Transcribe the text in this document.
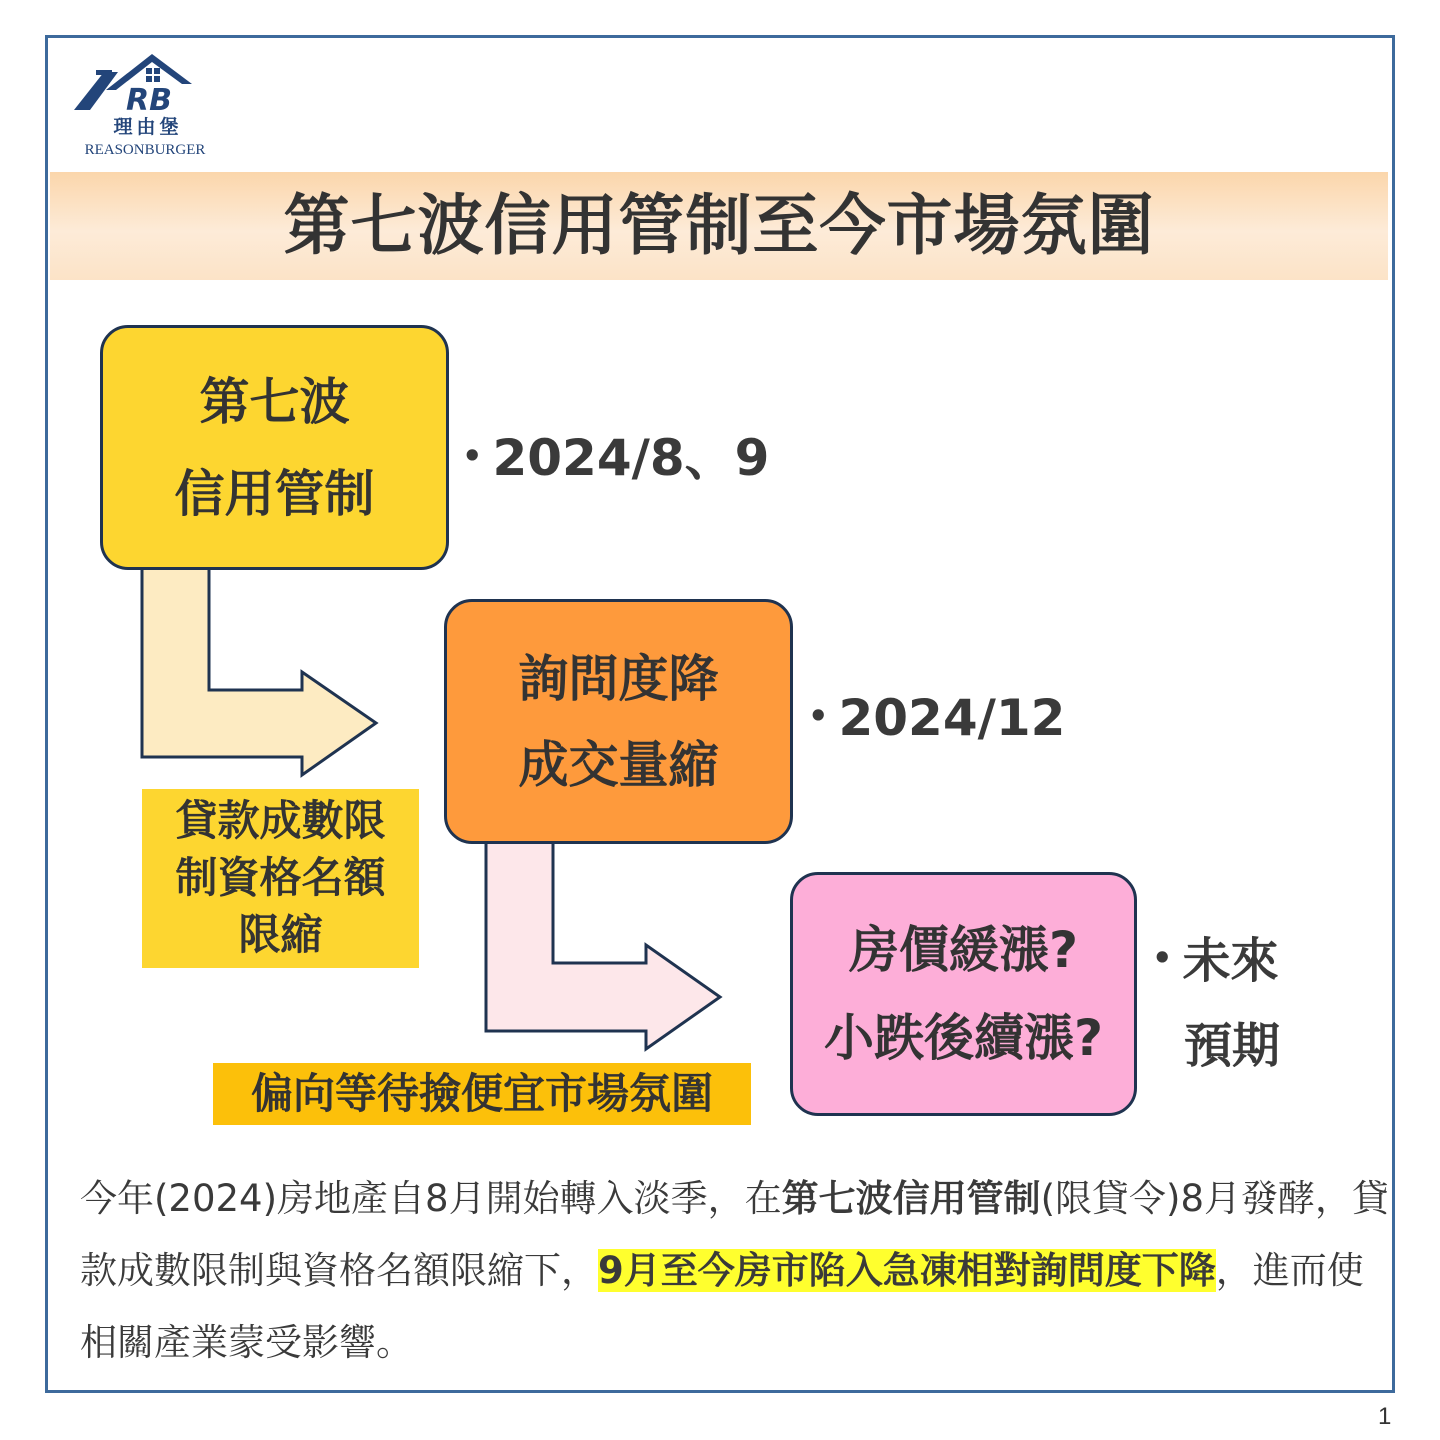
RB
理由堡
REASONBURGER
第七波信用管制至今市場氛圍
第七波
信用管制
• 2024/8、9
貸款成數限
制資格名額
限縮
詢問度降
成交量縮
• 2024/12
偏向等待撿便宜市場氛圍
房價緩漲?
小跌後續漲?
• 未來
預期
今年(2024)房地產自8月開始轉入淡季，在第七波信用管制(限貸令)8月發酵，貸款成數限制與資格名額限縮下，9月至今房市陷入急凍相對詢問度下降，進而使相關產業蒙受影響。
1
